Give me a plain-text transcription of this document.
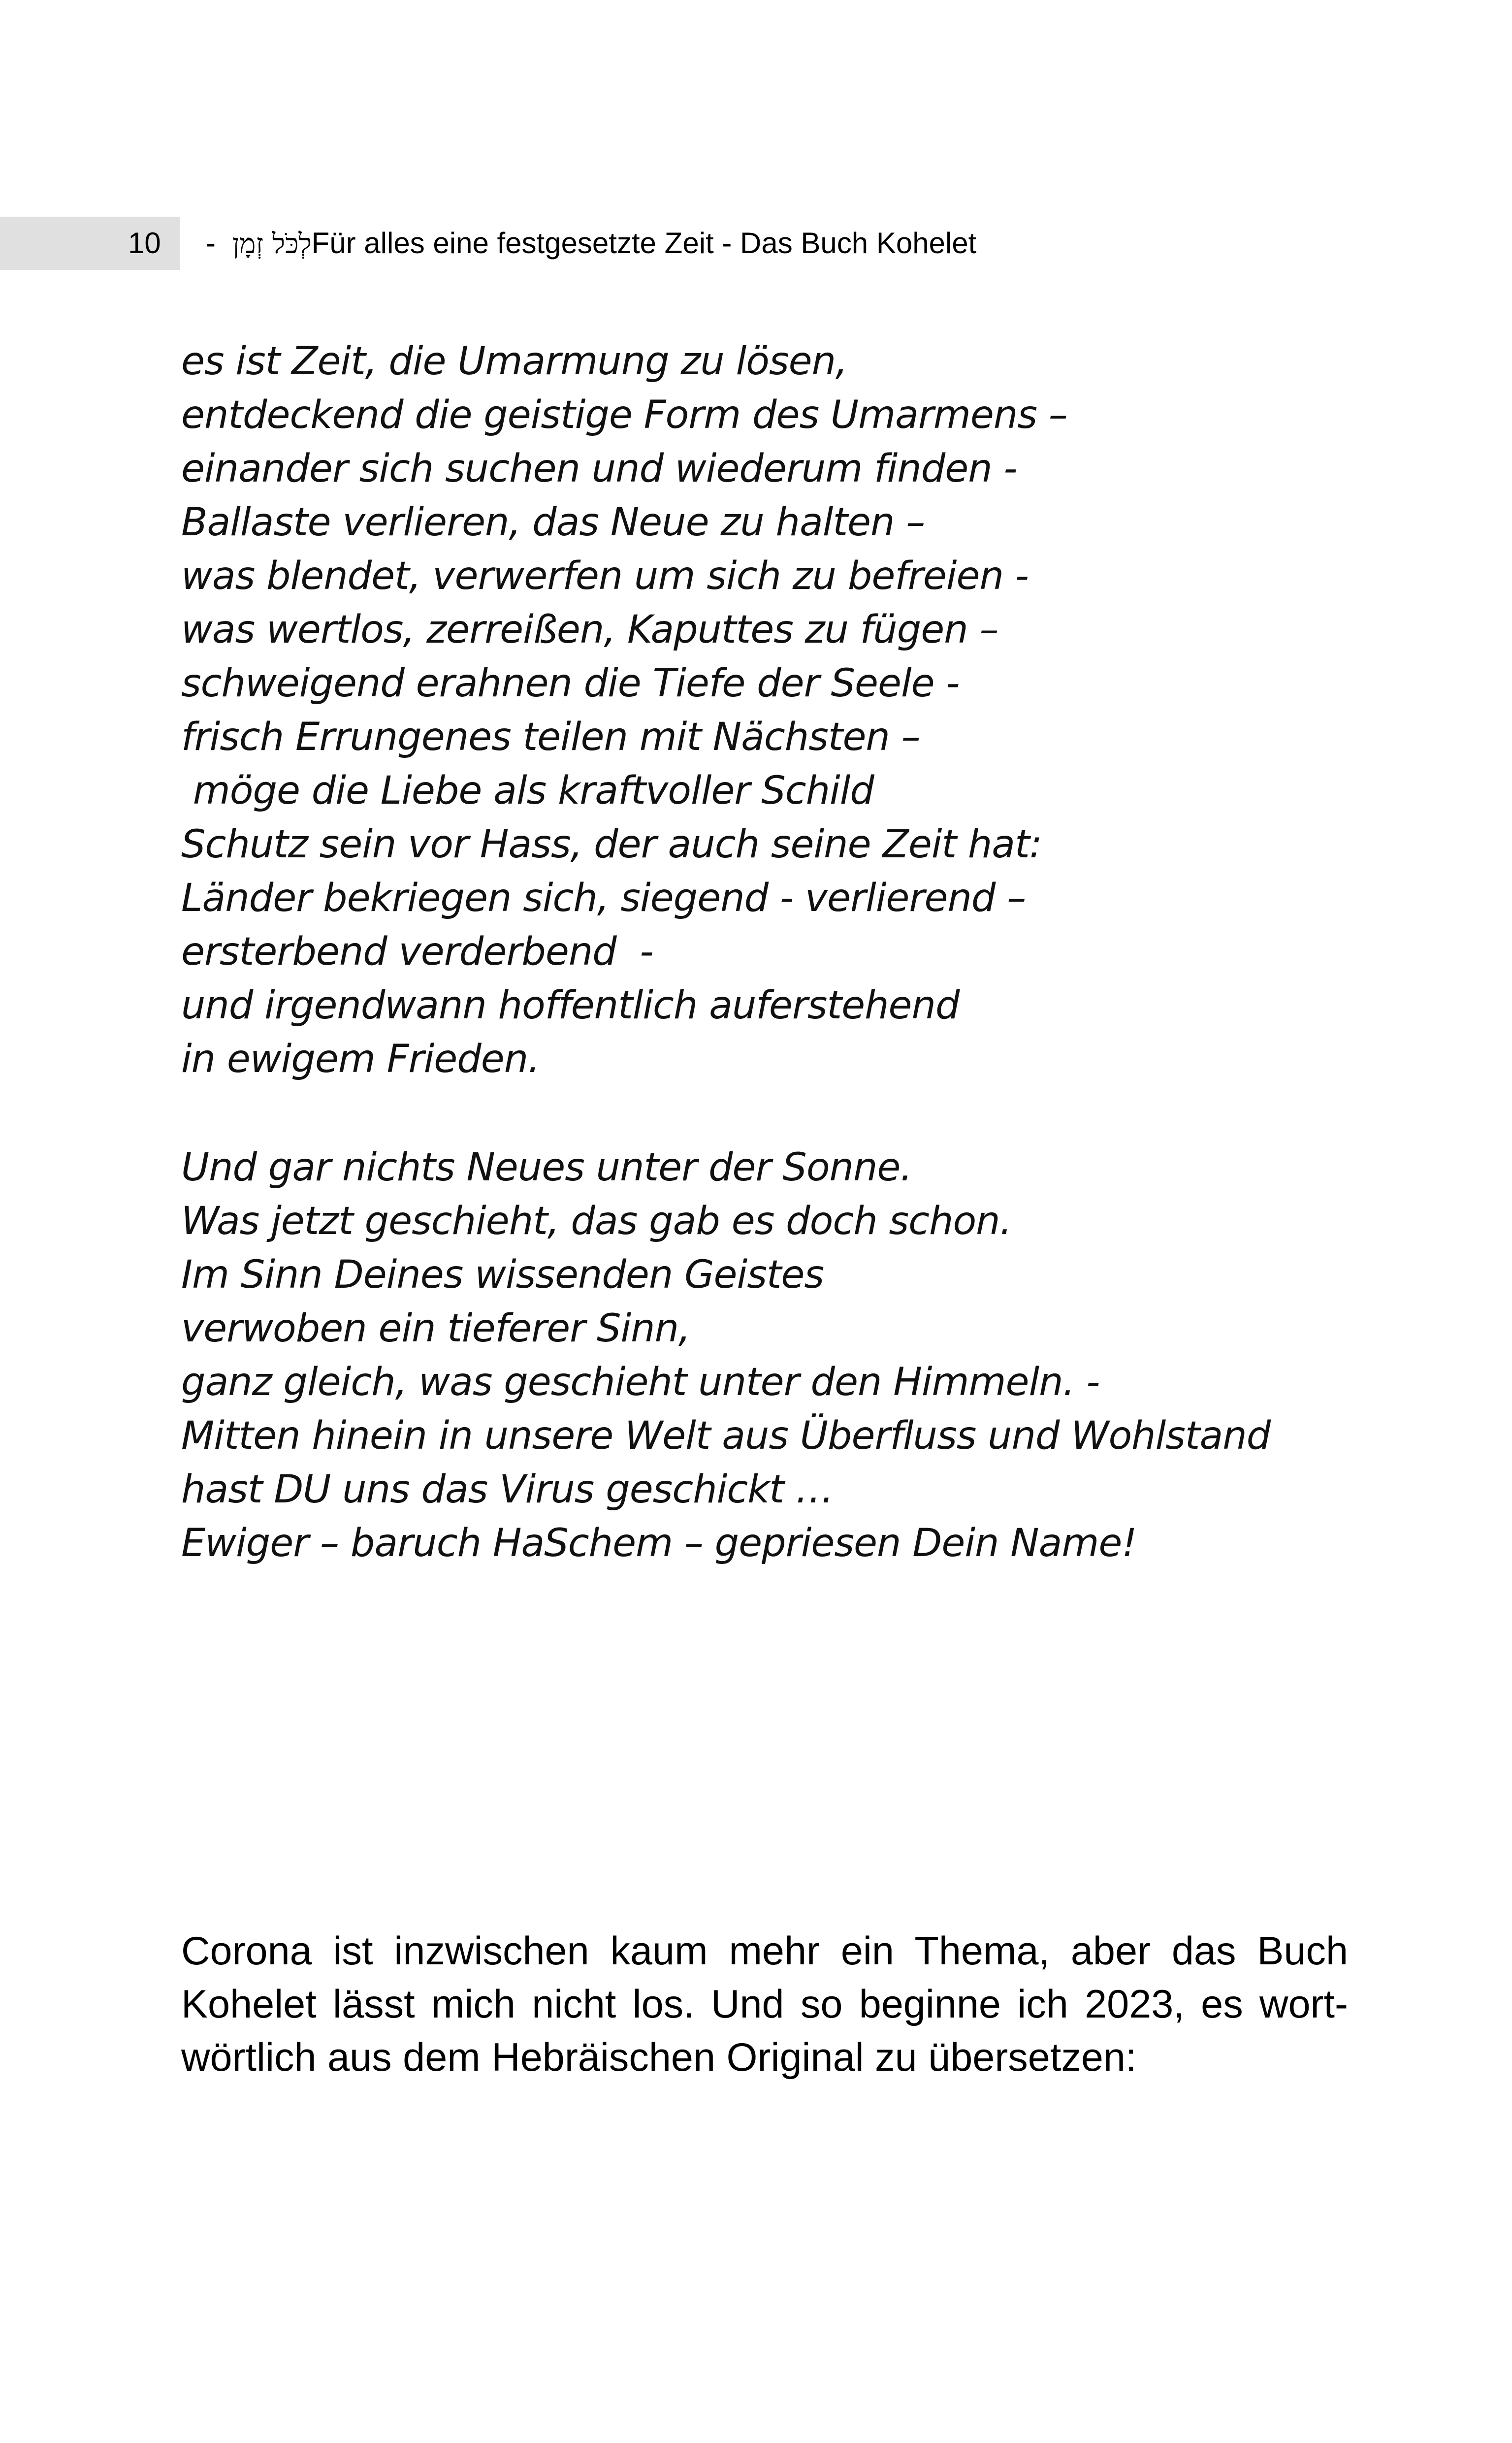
10 - לְכֹּל זְמָןFür alles eine festgesetzte Zeit - Das Buch Kohelet
es ist Zeit, die Umarmung zu lösen,
entdeckend die geistige Form des Umarmens –
einander sich suchen und wiederum finden -
Ballaste verlieren, das Neue zu halten –
was blendet, verwerfen um sich zu befreien -
was wertlos, zerreißen, Kaputtes zu fügen –
schweigend erahnen die Tiefe der Seele -
frisch Errungenes teilen mit Nächsten –
möge die Liebe als kraftvoller Schild
Schutz sein vor Hass, der auch seine Zeit hat:
Länder bekriegen sich, siegend - verlierend –
ersterbend verderbend  -
und irgendwann hoffentlich auferstehend
in ewigem Frieden.
Und gar nichts Neues unter der Sonne.
Was jetzt geschieht, das gab es doch schon.
Im Sinn Deines wissenden Geistes
verwoben ein tieferer Sinn,
ganz gleich, was geschieht unter den Himmeln. -
Mitten hinein in unsere Welt aus Überfluss und Wohlstand
hast DU uns das Virus geschickt …
Ewiger – baruch HaSchem – gepriesen Dein Name!
Corona ist inzwischen kaum mehr ein Thema, aber das Buch Kohelet lässt mich nicht los. Und so beginne ich 2023, es wortwörtlich aus dem Hebräischen Original zu übersetzen:
